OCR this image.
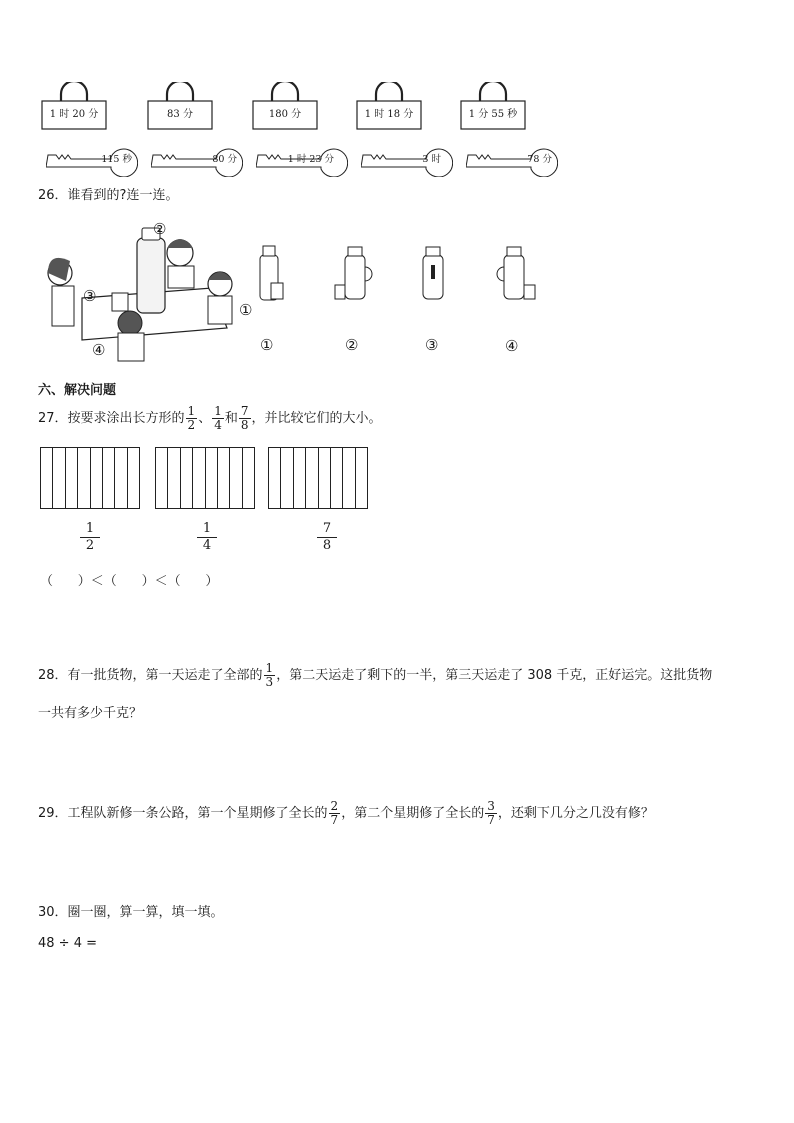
1 时 20 分	83 分	180 分	1 时 18 分	1 分 55 秒
115 秒	80 分	1 时 23 分	3 时	78 分
26．谁看到的?连一连。
②
③
①
④	①	②	③	④
六、解决问题
27．按要求涂出长方形的 $\frac{1}{2}$ 、 $\frac{1}{4}$ 和 $\frac{7}{8}$ ，并比较它们的大小。
$\frac{1}{2}$	$\frac{1}{4}$	$\frac{7}{8}$
（      ）＜（      ）＜（      ）
28．有一批货物，第一天运走了全部的 $\frac{1}{3}$ ，第二天运走了剩下的一半，第三天运走了 308 千克，正好运完。这批货物
一共有多少千克？
29．工程队新修一条公路，第一个星期修了全长的 $\frac{2}{7}$ ，第二个星期修了全长的 $\frac{3}{7}$ ，还剩下几分之几没有修？
30．圈一圈，算一算，填一填。
48 ÷ 4 =
